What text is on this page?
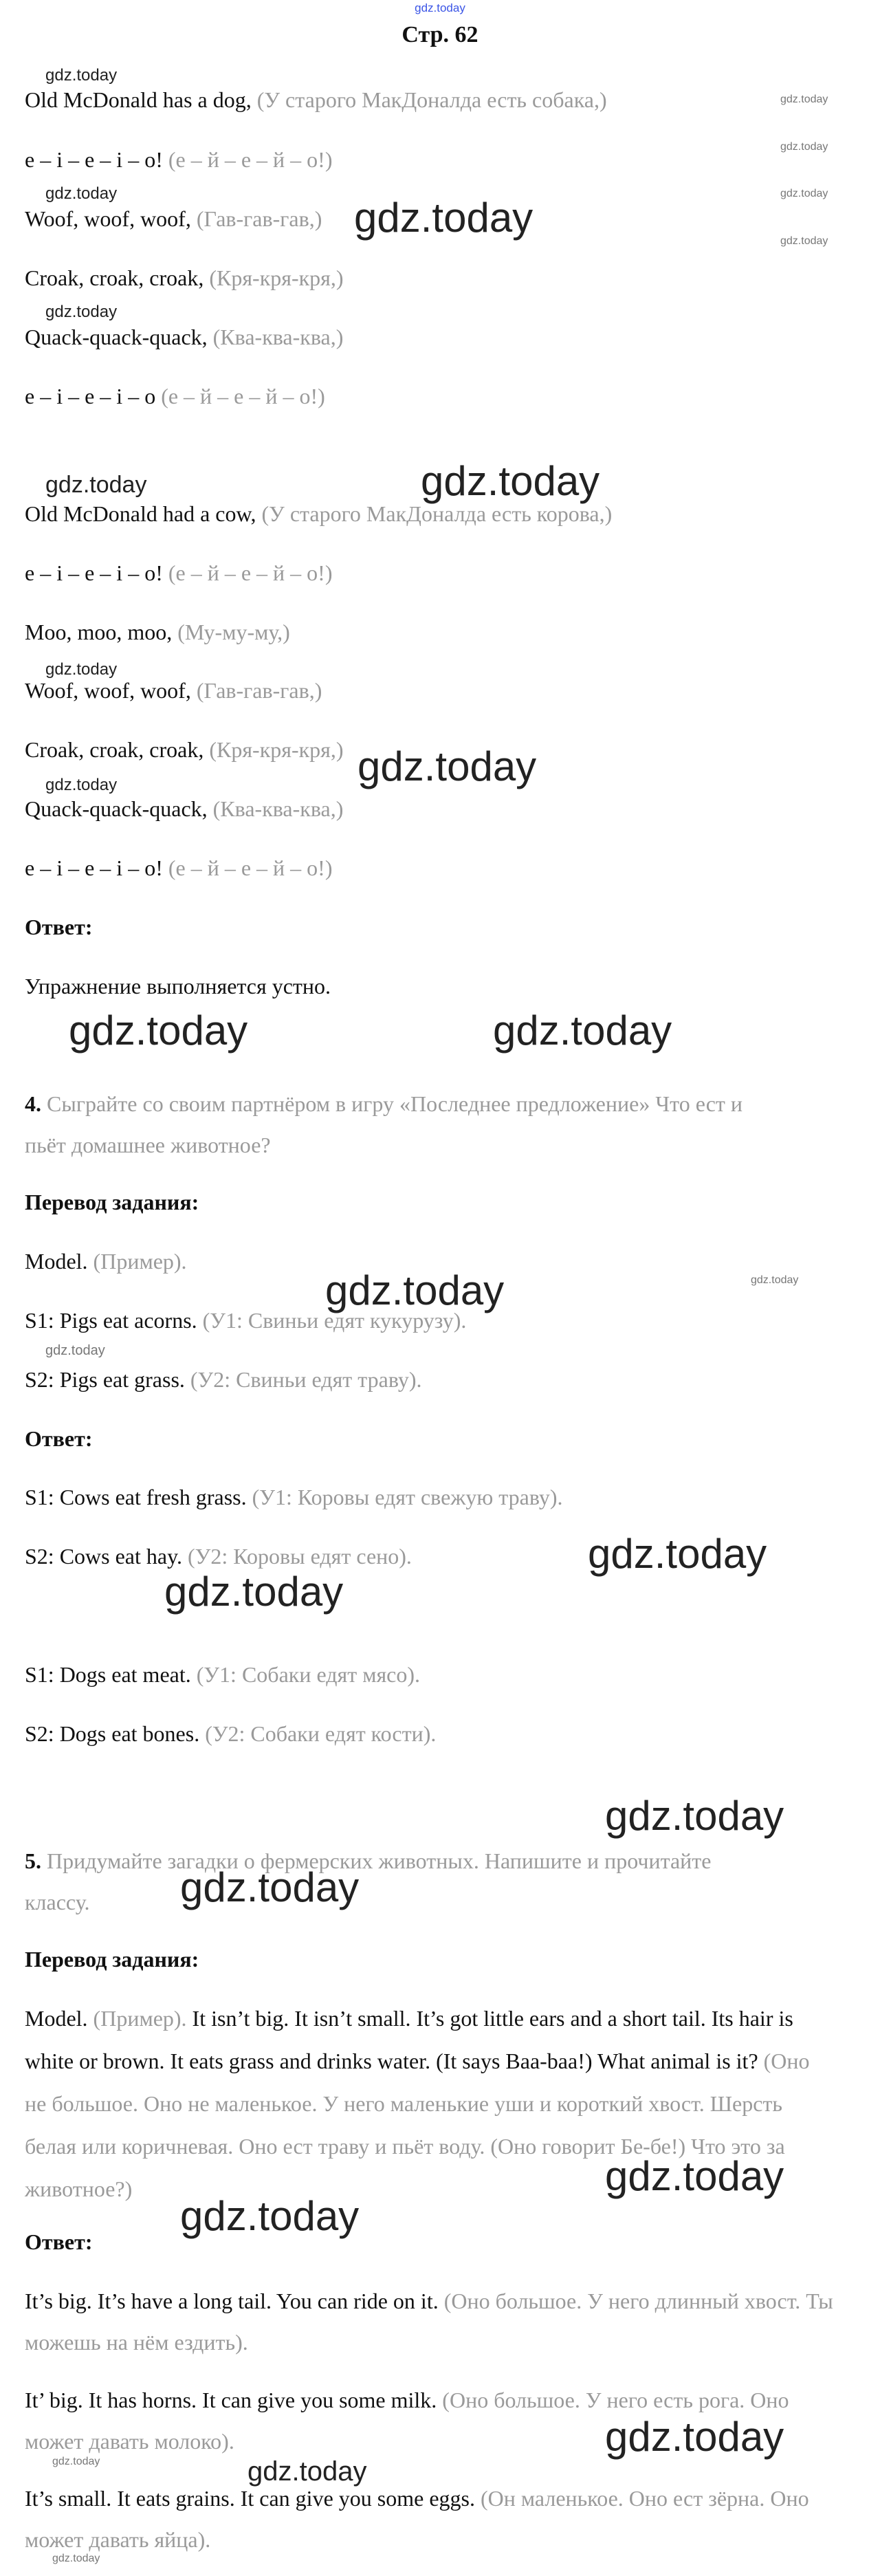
gdz.today
Стр. 62
Old McDonald has a dog, (У старого МакДоналда есть собака,)
e – i – e – i – o! (е – й – е – й – о!)
Woof, woof, woof, (Гав-гав-гав,)
Croak, croak, croak, (Кря-кря-кря,)
Quack-quack-quack, (Ква-ква-ква,)
e – i – e – i – o (е – й – е – й – о!)
Old McDonald had a cow, (У старого МакДоналда есть корова,)
e – i – e – i – o! (е – й – е – й – о!)
Moo, moo, moo, (Му-му-му,)
Woof, woof, woof, (Гав-гав-гав,)
Croak, croak, croak, (Кря-кря-кря,)
Quack-quack-quack, (Ква-ква-ква,)
e – i – e – i – o! (е – й – е – й – о!)
Ответ:
Упражнение выполняется устно.
4. Сыграйте со своим партнёром в игру «Последнее предложение» Что ест и
пьёт домашнее животное?
Перевод задания:
Model. (Пример).
S1: Pigs eat acorns. (У1: Свиньи едят кукурузу).
S2: Pigs eat grass. (У2: Свиньи едят траву).
Ответ:
S1: Cows eat fresh grass. (У1: Коровы едят свежую траву).
S2: Cows eat hay. (У2: Коровы едят сено).
S1: Dogs eat meat. (У1: Собаки едят мясо).
S2: Dogs eat bones. (У2: Собаки едят кости).
5. Придумайте загадки о фермерских животных. Напишите и прочитайте
классу.
Перевод задания:
Model. (Пример). It isn’t big. It isn’t small. It’s got little ears and a short tail. Its hair is white or brown. It eats grass and drinks water. (It says Baa-baa!) What animal is it? (Оно не большое. Оно не маленькое. У него маленькие уши и короткий хвост. Шерсть белая или коричневая. Оно ест траву и пьёт воду. (Оно говорит Бе-бе!) Что это за животное?)
Ответ:
It’s big. It’s have a long tail. You can ride on it. (Оно большое. У него длинный хвост. Ты можешь на нём ездить).
It’ big. It has horns. It can give you some milk. (Оно большое. У него есть рога. Оно может давать молоко).
It’s small. It eats grains. It can give you some eggs. (Он маленькое. Оно ест зёрна. Оно может давать яйца).
gdz.today
gdz.today
gdz.today
gdz.today	gdz.today
gdz.today
gdz.today
gdz.today
gdz.today	gdz.today
gdz.today
gdz.today
gdz.today
gdz.today	gdz.today
gdz.today	gdz.today
gdz.today
gdz.today
gdz.today
gdz.today
gdz.today
gdz.today
gdz.today
gdz.today
gdz.today	gdz.today
gdz.today
